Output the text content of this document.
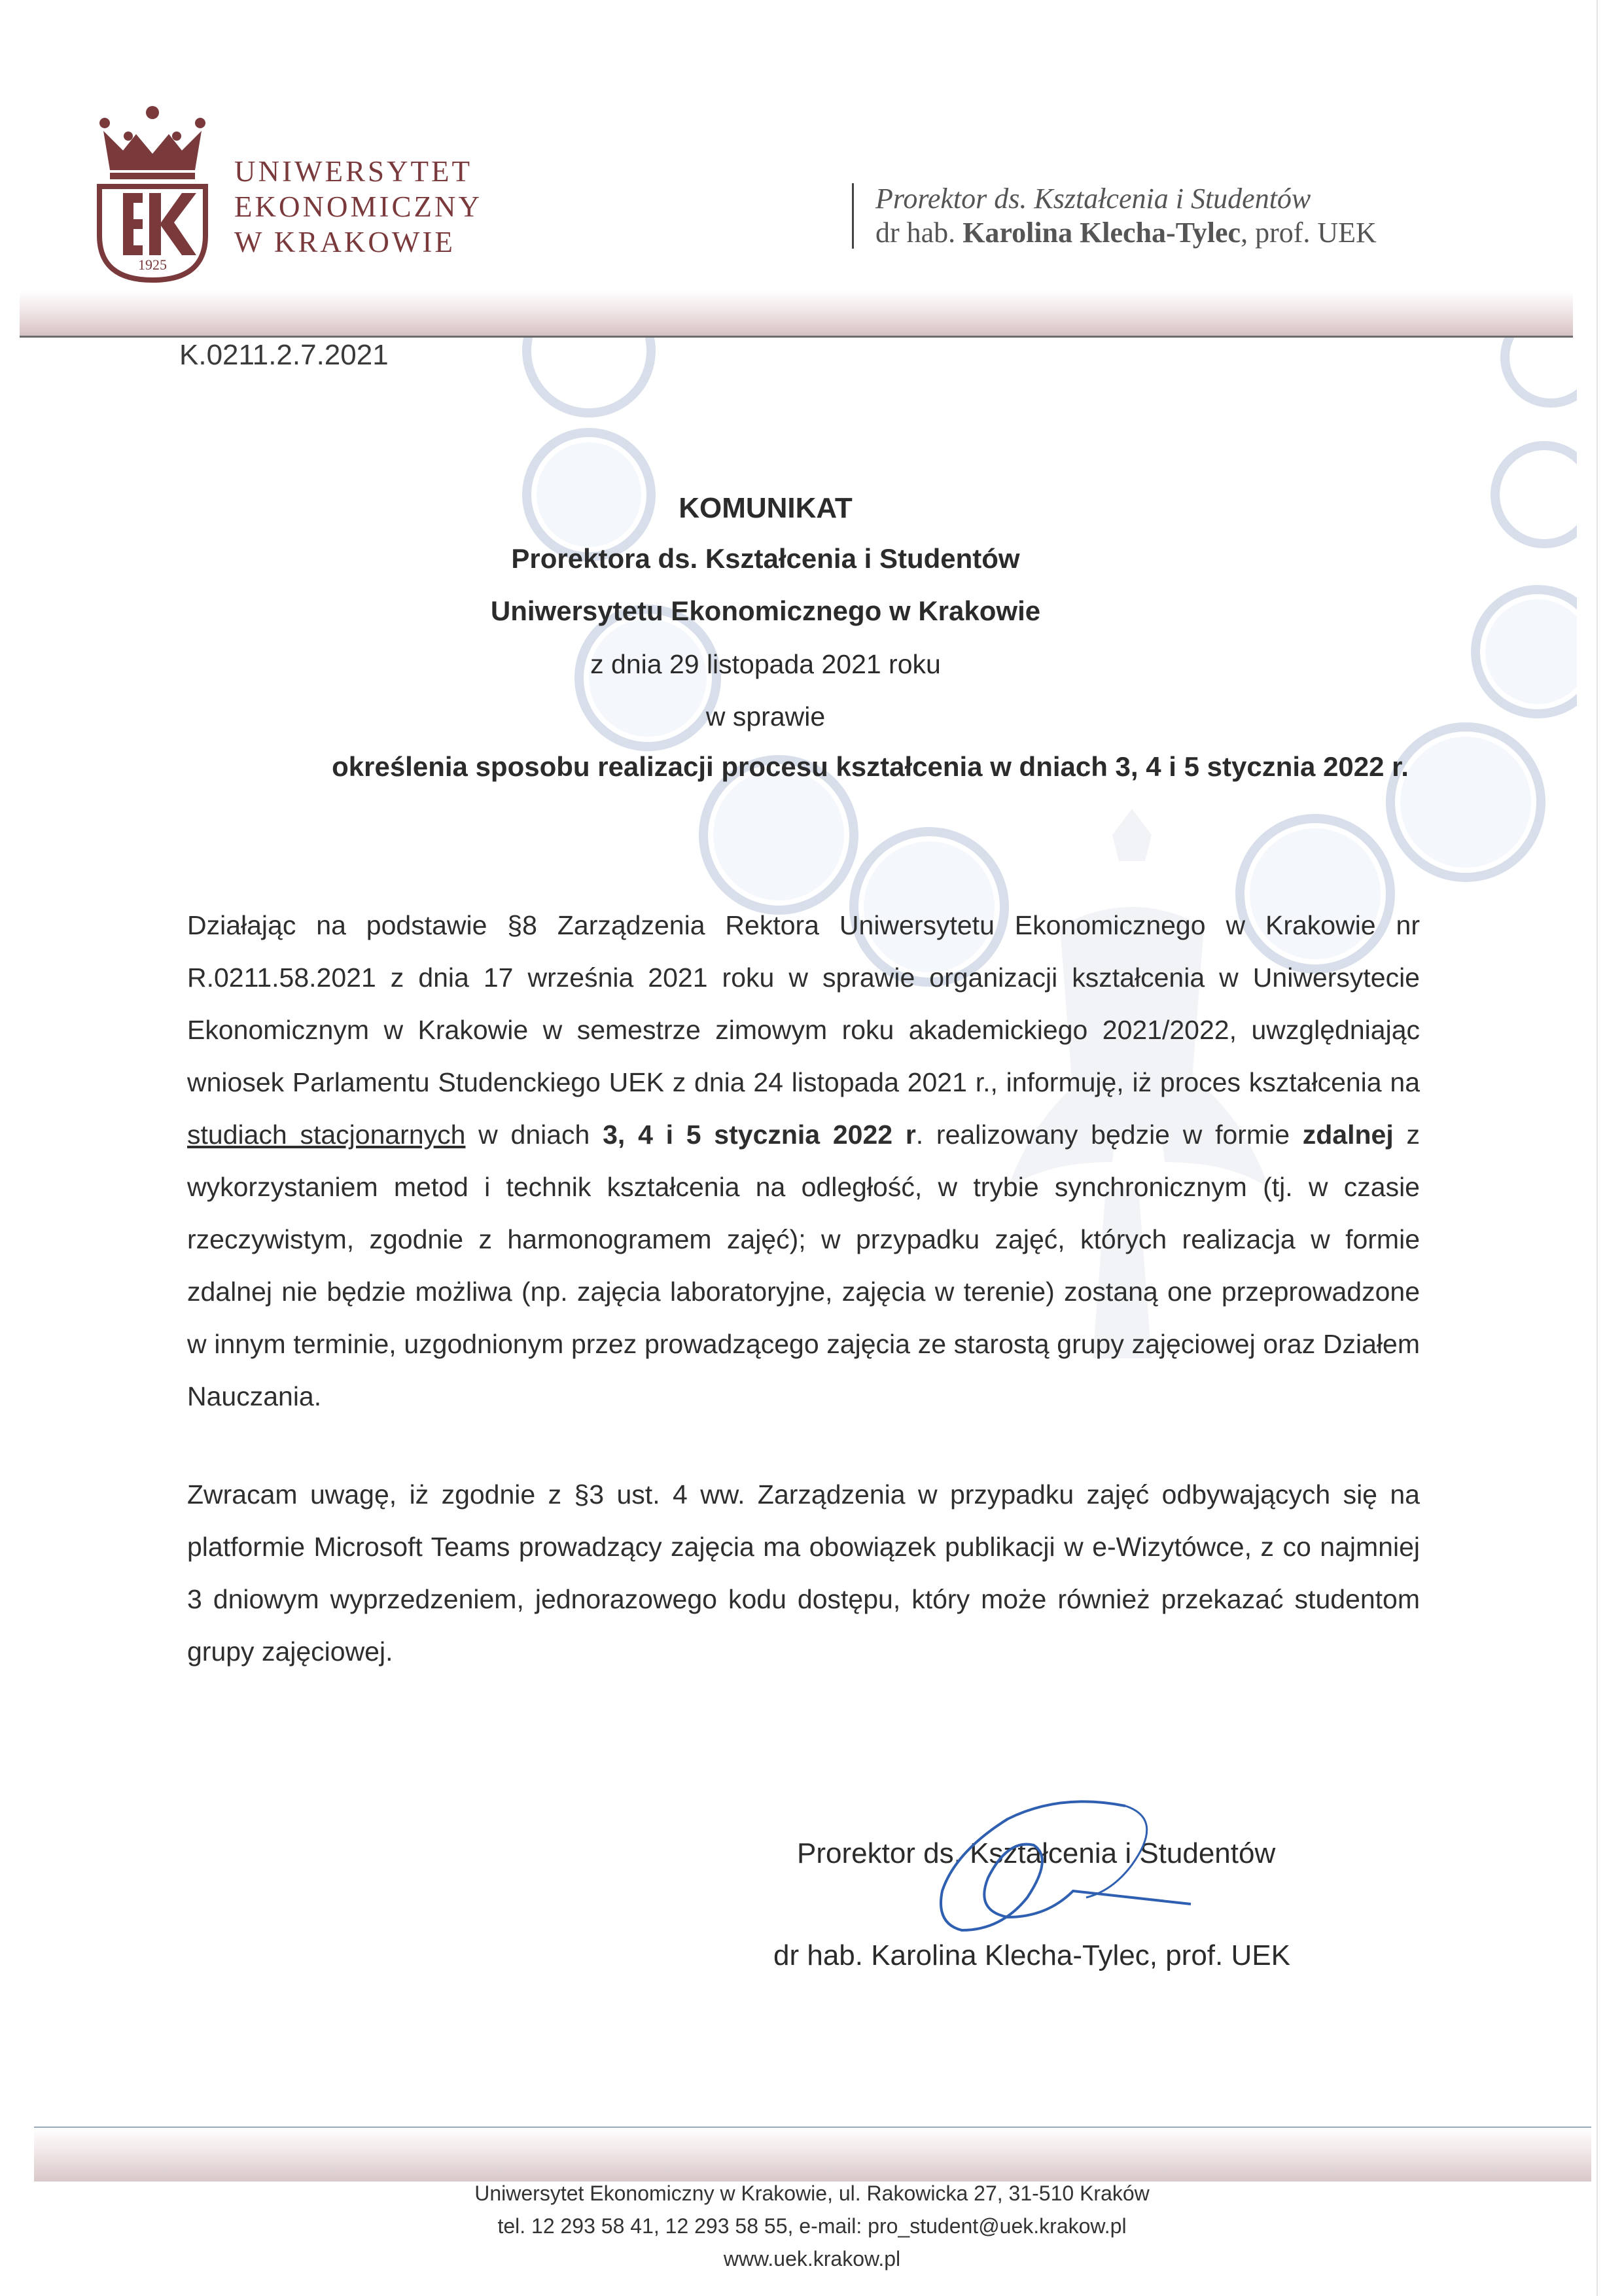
1925
UNIWERSYTET
EKONOMICZNY
W KRAKOWIE
Prorektor ds. Kształcenia i Studentów
dr hab. Karolina Klecha-Tylec, prof. UEK
K.0211.2.7.2021
KOMUNIKAT
Prorektora ds. Kształcenia i Studentów
Uniwersytetu Ekonomicznego w Krakowie
z dnia 29 listopada 2021 roku
w sprawie
określenia sposobu realizacji procesu kształcenia w dniach 3, 4 i 5 stycznia 2022 r.
Działając na podstawie §8 Zarządzenia Rektora Uniwersytetu Ekonomicznego w Krakowie nr R.0211.58.2021 z dnia 17 września 2021 roku w sprawie organizacji kształcenia w Uniwersytecie Ekonomicznym w Krakowie w semestrze zimowym roku akademickiego 2021/2022, uwzględniając wniosek Parlamentu Studenckiego UEK z dnia 24 listopada 2021 r., informuję, iż proces kształcenia na studiach stacjonarnych w dniach 3, 4 i 5 stycznia 2022 r. realizowany będzie w formie zdalnej z wykorzystaniem metod i technik kształcenia na odległość, w trybie synchronicznym (tj. w czasie rzeczywistym, zgodnie z harmonogramem zajęć); w przypadku zajęć, których realizacja w formie zdalnej nie będzie możliwa (np. zajęcia laboratoryjne, zajęcia w terenie) zostaną one przeprowadzone w innym terminie, uzgodnionym przez prowadzącego zajęcia ze starostą grupy zajęciowej oraz Działem Nauczania.
Zwracam uwagę, iż zgodnie z §3 ust. 4 ww. Zarządzenia w przypadku zajęć odbywających się na platformie Microsoft Teams prowadzący zajęcia ma obowiązek publikacji w e-Wizytówce, z co najmniej 3 dniowym wyprzedzeniem, jednorazowego kodu dostępu, który może również przekazać studentom grupy zajęciowej.
Prorektor ds. Kształcenia i Studentów
dr hab. Karolina Klecha-Tylec, prof. UEK
Uniwersytet Ekonomiczny w Krakowie, ul. Rakowicka 27, 31-510 Kraków
tel. 12 293 58 41, 12 293 58 55, e-mail: pro_student@uek.krakow.pl
www.uek.krakow.pl
